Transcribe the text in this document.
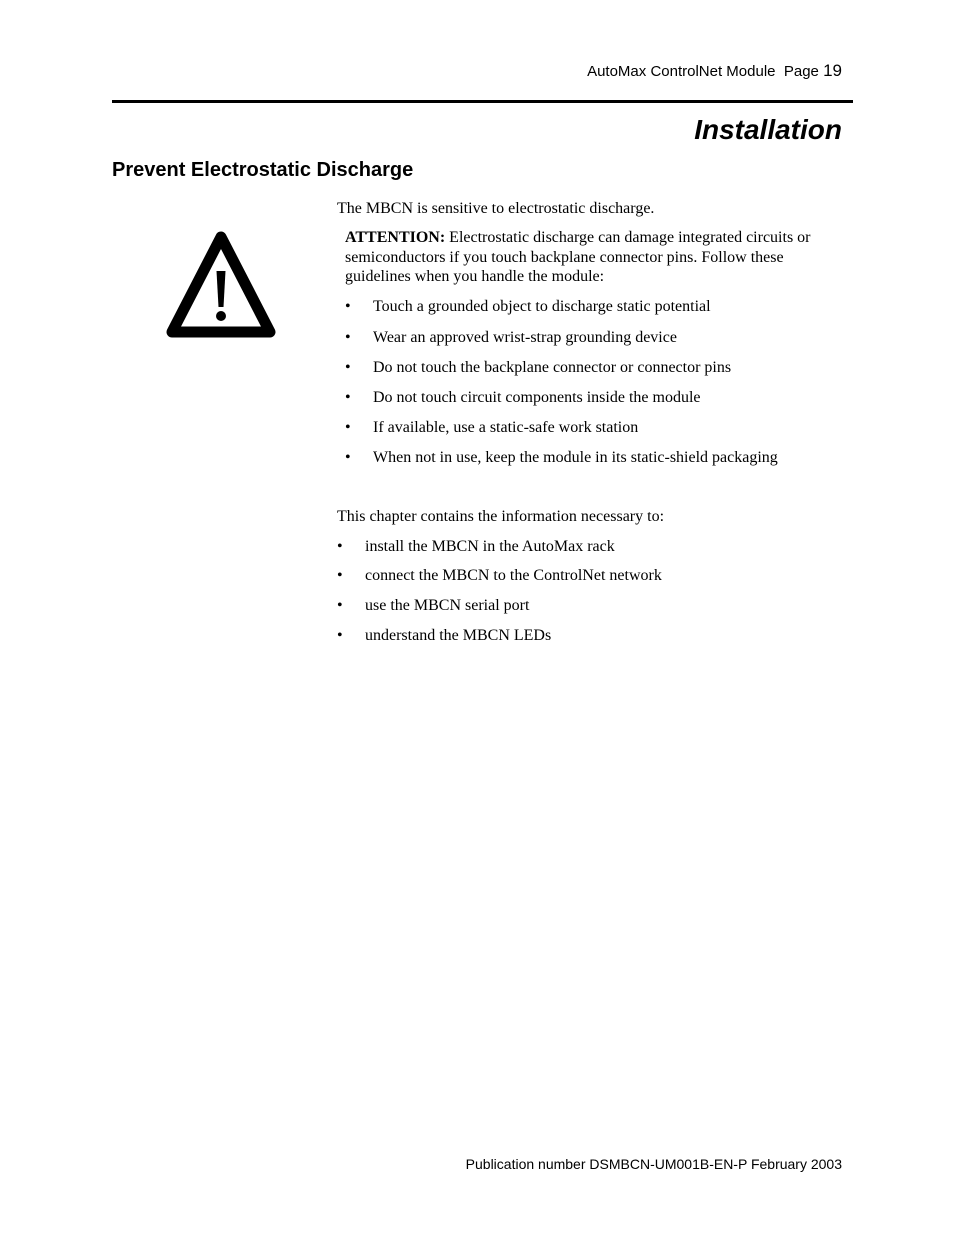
AutoMax ControlNet Module Page 19
Installation
Prevent Electrostatic Discharge
The MBCN is sensitive to electrostatic discharge.
ATTENTION: Electrostatic discharge can damage integrated circuits or semiconductors if you touch backplane connector pins. Follow these guidelines when you handle the module:
• Touch a grounded object to discharge static potential
• Wear an approved wrist-strap grounding device
• Do not touch the backplane connector or connector pins
• Do not touch circuit components inside the module
• If available, use a static-safe work station
• When not in use, keep the module in its static-shield packaging
This chapter contains the information necessary to:
• install the MBCN in the AutoMax rack
• connect the MBCN to the ControlNet network
• use the MBCN serial port
• understand the MBCN LEDs
Publication number DSMBCN-UM001B-EN-P February 2003
